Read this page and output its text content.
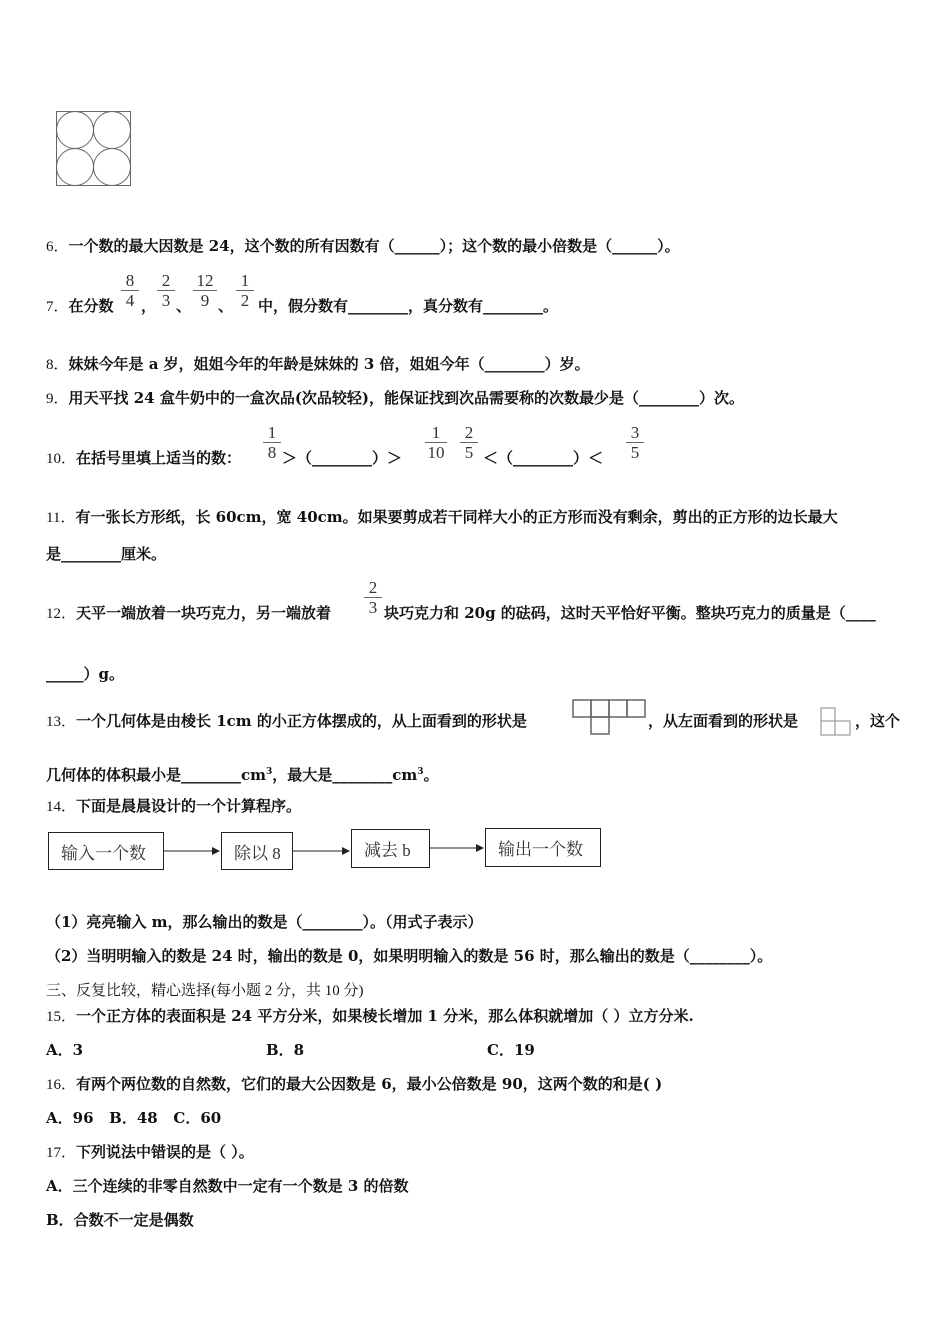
6．一个数的最大因数是 24，这个数的所有因数有（______）；这个数的最小倍数是（______）。
7．在分数 $\frac{8}{4}$ ， $\frac{2}{3}$ 、 $\frac{12}{9}$ 、 $\frac{1}{2}$ 中，假分数有________，真分数有________。
8．妹妹今年是 a 岁，姐姐今年的年龄是妹妹的 3 倍，姐姐今年（________）岁。
9．用天平找 24 盒牛奶中的一盒次品(次品较轻)，能保证找到次品需要称的次数最少是（________）次。
10．在括号里填上适当的数： $\frac{1}{8}$ ＞（________）＞ $\frac{1}{10} \frac{2}{5}$ ＜（________）＜ $\frac{3}{5}$
11．有一张长方形纸，长 60cm，宽 40cm。如果要剪成若干同样大小的正方形而没有剩余，剪出的正方形的边长最大
是________厘米。
12．天平一端放着一块巧克力，另一端放着 $\frac{2}{3}$ 块巧克力和 20g 的砝码，这时天平恰好平衡。整块巧克力的质量是（____
_____）g。
13．一个几何体是由棱长 1cm 的小正方体摆成的，从上面看到的形状是	，从左面看到的形状是	，这个
几何体的体积最小是$\_\_\_\_\_\_\_\_cm^3$，最大是$\_\_\_\_\_\_\_\_cm^3$。
14．下面是晨晨设计的一个计算程序。
输入一个数	除以 8	减去 b	输出一个数
（1）亮亮输入 m，那么输出的数是（________）。（用式子表示）
（2）当明明输入的数是 24 时，输出的数是 0，如果明明输入的数是 56 时，那么输出的数是（________）。
三、反复比较，精心选择(每小题 2 分，共 10 分)
15．一个正方体的表面积是 24 平方分米，如果棱长增加 1 分米，那么体积就增加（ ）立方分米.
A．3	B．8	C．19
16．有两个两位数的自然数，它们的最大公因数是 6，最小公倍数是 90，这两个数的和是( )
A．96   B．48   C．60
17．下列说法中错误的是（ ）。
A．三个连续的非零自然数中一定有一个数是 3 的倍数
B．合数不一定是偶数
